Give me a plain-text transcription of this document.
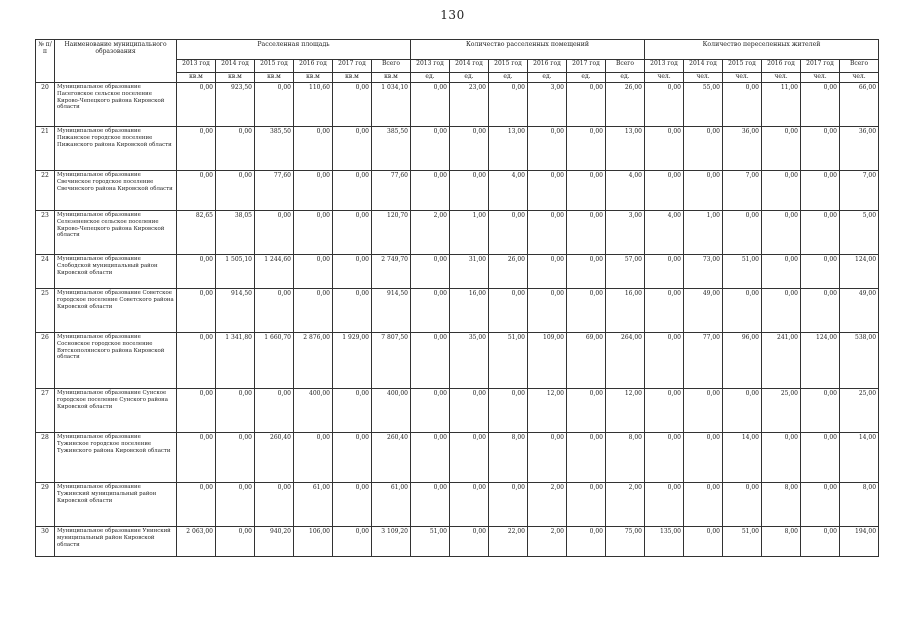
130
№ п/п	Наименование муниципального образования	Расселенная площадь						Количество расселенных помещений						Количество переселенных жителей					
		2013 год	2014 год	2015 год	2016 год	2017 год	Всего	2013 год	2014 год	2015 год	2016 год	2017 год	Всего	2013 год	2014 год	2015 год	2016 год	2017 год	Всего
		кв.м	кв.м	кв.м	кв.м	кв.м	кв.м	ед.	ед.	ед.	ед.	ед.	ед.	чел.	чел.	чел.	чел.	чел.	чел.
20	Муниципальное образование Пасеговское сельское поселение Кирово-Чепецкого района Кировской области	0,00	923,50	0,00	110,60	0,00	1 034,10	0,00	23,00	0,00	3,00	0,00	26,00	0,00	55,00	0,00	11,00	0,00	66,00
21	Муниципальное образование Пижанское городское поселение Пижанского района Кировской области	0,00	0,00	385,50	0,00	0,00	385,50	0,00	0,00	13,00	0,00	0,00	13,00	0,00	0,00	36,00	0,00	0,00	36,00
22	Муниципальное образование Свечинское городское поселение Свечинского района Кировской области	0,00	0,00	77,60	0,00	0,00	77,60	0,00	0,00	4,00	0,00	0,00	4,00	0,00	0,00	7,00	0,00	0,00	7,00
23	Муниципальное образование Селезеневское сельское поселение Кирово-Чепецкого района Кировской области	82,65	38,05	0,00	0,00	0,00	120,70	2,00	1,00	0,00	0,00	0,00	3,00	4,00	1,00	0,00	0,00	0,00	5,00
24	Муниципальное образование Слободской муниципальный район Кировской области	0,00	1 505,10	1 244,60	0,00	0,00	2 749,70	0,00	31,00	26,00	0,00	0,00	57,00	0,00	73,00	51,00	0,00	0,00	124,00
25	Муниципальное образование Советское городское поселение Советского района Кировской области	0,00	914,50	0,00	0,00	0,00	914,50	0,00	16,00	0,00	0,00	0,00	16,00	0,00	49,00	0,00	0,00	0,00	49,00
26	Муниципальное образование Сосновское городское поселение Вятскополянского района Кировской области	0,00	1 341,80	1 660,70	2 876,00	1 929,00	7 807,50	0,00	35,00	51,00	109,00	69,00	264,00	0,00	77,00	96,00	241,00	124,00	538,00
27	Муниципальное образование Сунское городское поселение Сунского района Кировской области	0,00	0,00	0,00	400,00	0,00	400,00	0,00	0,00	0,00	12,00	0,00	12,00	0,00	0,00	0,00	25,00	0,00	25,00
28	Муниципальное образование Тужинское городское поселение Тужинского района Кировской области	0,00	0,00	260,40	0,00	0,00	260,40	0,00	0,00	8,00	0,00	0,00	8,00	0,00	0,00	14,00	0,00	0,00	14,00
29	Муниципальное образование Тужинский муниципальный район Кировской области	0,00	0,00	0,00	61,00	0,00	61,00	0,00	0,00	0,00	2,00	0,00	2,00	0,00	0,00	0,00	8,00	0,00	8,00
30	Муниципальное образование Унинский муниципальный район Кировской области	2 063,00	0,00	940,20	106,00	0,00	3 109,20	51,00	0,00	22,00	2,00	0,00	75,00	135,00	0,00	51,00	8,00	0,00	194,00
